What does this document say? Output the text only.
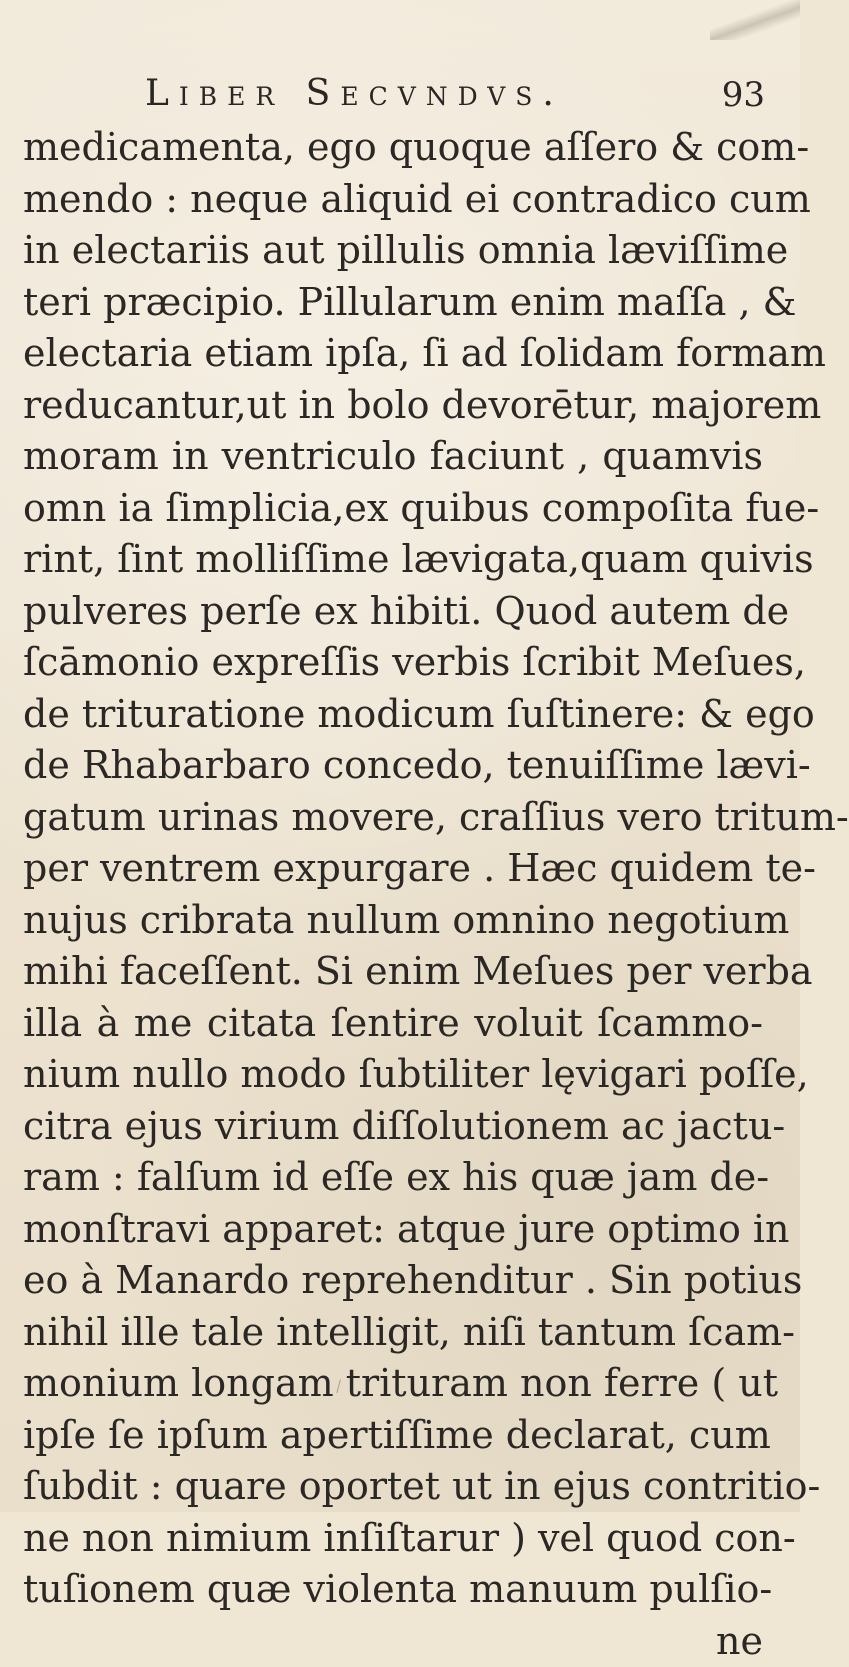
Liber Secvndvs.	93
medicamenta, ego quoque aſſero & com-
mendo : neque aliquid ei contradico cum
in electariis aut pillulis omnia læviſſime
teri præcipio. Pillularum enim maſſa , &
electaria etiam ipſa, ſi ad ſolidam formam
reducantur,ut in bolo devorētur, majorem
moram in ventriculo faciunt , quamvis
omn ia ſimplicia,ex quibus compoſita fue-
rint, ſint molliſſime lævigata,quam quivis
pulveres perſe ex hibiti. Quod autem de
ſcāmonio expreſſis verbis ſcribit Meſues,
de trituratione modicum ſuſtinere: & ego
de Rhabarbaro concedo, tenuiſſime lævi-
gatum urinas movere, craſſius vero tritum-
per ventrem expurgare . Hæc quidem te-
nujus cribrata nullum omnino negotium
mihi faceſſent. Si enim Meſues per verba
illa à me citata ſentire voluit ſcammo-
nium nullo modo ſubtiliter lęvigari poſſe,
citra ejus virium diſſolutionem ac jactu-
ram : falſum id eſſe ex his quæ jam de-
monſtravi apparet: atque jure optimo in
eo à Manardo reprehenditur . Sin potius
nihil ille tale intelligit, niſi tantum ſcam-
monium longam trituram non ferre ( ut
ipſe ſe ipſum apertiſſime declarat, cum
ſubdit : quare oportet ut in ejus contritio-
ne non nimium inſiſtarur ) vel quod con-
tuſionem quæ violenta manuum pulſio-
ne
